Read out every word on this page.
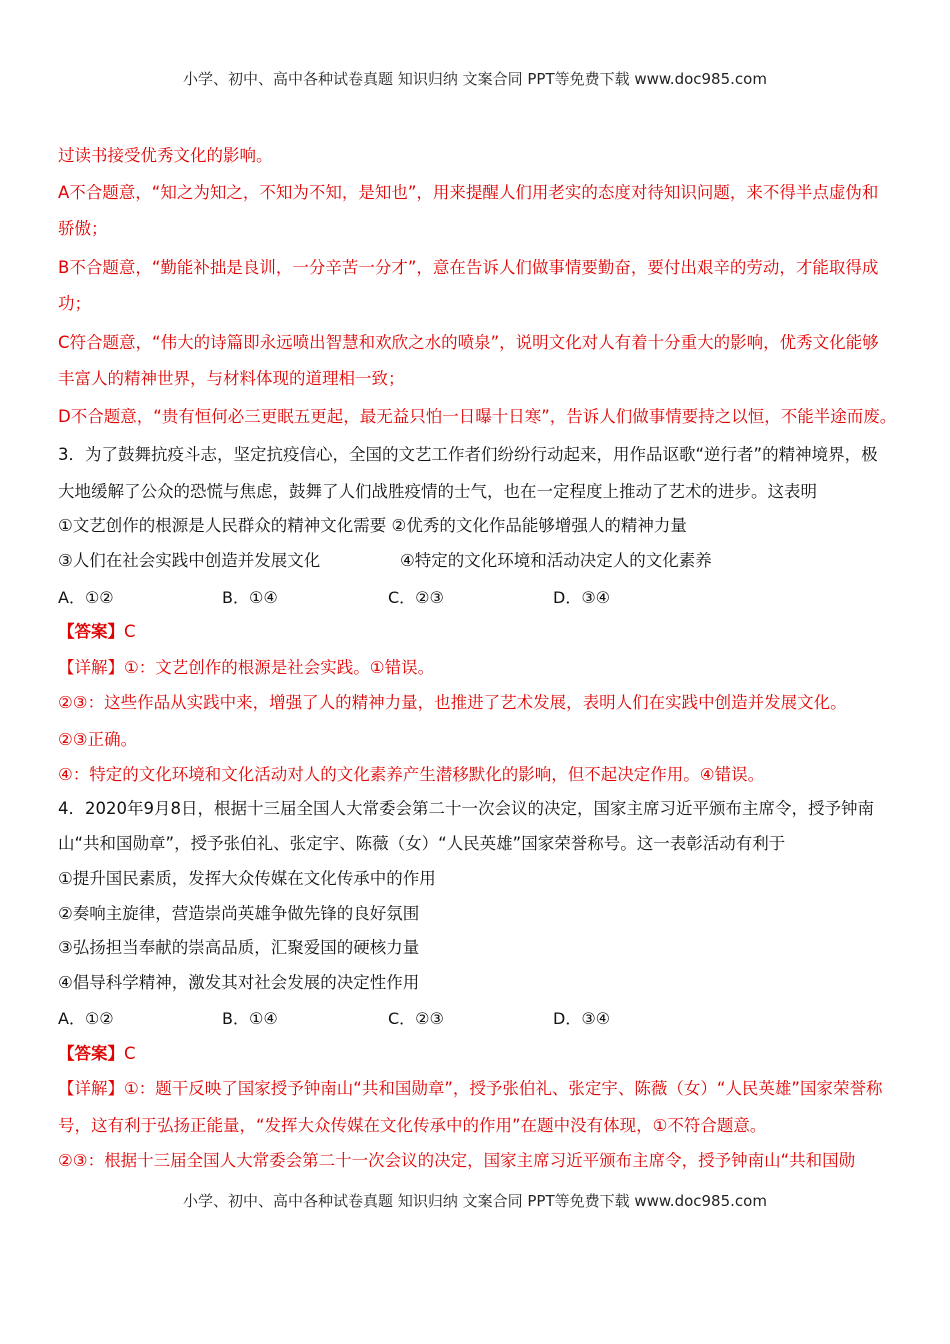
小学、初中、高中各种试卷真题 知识归纳 文案合同 PPT等免费下载 www.doc985.com
过读书接受优秀文化的影响。
A不合题意，“知之为知之，不知为不知，是知也”，用来提醒人们用老实的态度对待知识问题，来不得半点虚伪和
骄傲；
B不合题意，“勤能补拙是良训，一分辛苦一分才”，意在告诉人们做事情要勤奋，要付出艰辛的劳动，才能取得成
功；
C符合题意，“伟大的诗篇即永远喷出智慧和欢欣之水的喷泉”，说明文化对人有着十分重大的影响，优秀文化能够
丰富人的精神世界，与材料体现的道理相一致；
D不合题意，“贵有恒何必三更眠五更起，最无益只怕一日曝十日寒”，告诉人们做事情要持之以恒，不能半途而废。
3．为了鼓舞抗疫斗志，坚定抗疫信心，全国的文艺工作者们纷纷行动起来，用作品讴歌“逆行者”的精神境界，极
大地缓解了公众的恐慌与焦虑，鼓舞了人们战胜疫情的士气，也在一定程度上推动了艺术的进步。这表明
①文艺创作的根源是人民群众的精神文化需要 ②优秀的文化作品能够增强人的精神力量
③人们在社会实践中创造并发展文化	④特定的文化环境和活动决定人的文化素养
A．①②	B．①④	C．②③	D．③④
【答案】C
【详解】①：文艺创作的根源是社会实践。①错误。
②③：这些作品从实践中来，增强了人的精神力量，也推进了艺术发展，表明人们在实践中创造并发展文化。
②③正确。
④：特定的文化环境和文化活动对人的文化素养产生潜移默化的影响，但不起决定作用。④错误。
4．2020年9月8日，根据十三届全国人大常委会第二十一次会议的决定，国家主席习近平颁布主席令，授予钟南
山“共和国勋章”，授予张伯礼、张定宇、陈薇（女）“人民英雄”国家荣誉称号。这一表彰活动有利于
①提升国民素质，发挥大众传媒在文化传承中的作用
②奏响主旋律，营造崇尚英雄争做先锋的良好氛围
③弘扬担当奉献的崇高品质，汇聚爱国的硬核力量
④倡导科学精神，激发其对社会发展的决定性作用
A．①②	B．①④	C．②③	D．③④
【答案】C
【详解】①：题干反映了国家授予钟南山“共和国勋章”，授予张伯礼、张定宇、陈薇（女）“人民英雄”国家荣誉称
号，这有利于弘扬正能量，“发挥大众传媒在文化传承中的作用”在题中没有体现，①不符合题意。
②③：根据十三届全国人大常委会第二十一次会议的决定，国家主席习近平颁布主席令，授予钟南山“共和国勋
小学、初中、高中各种试卷真题 知识归纳 文案合同 PPT等免费下载 www.doc985.com
